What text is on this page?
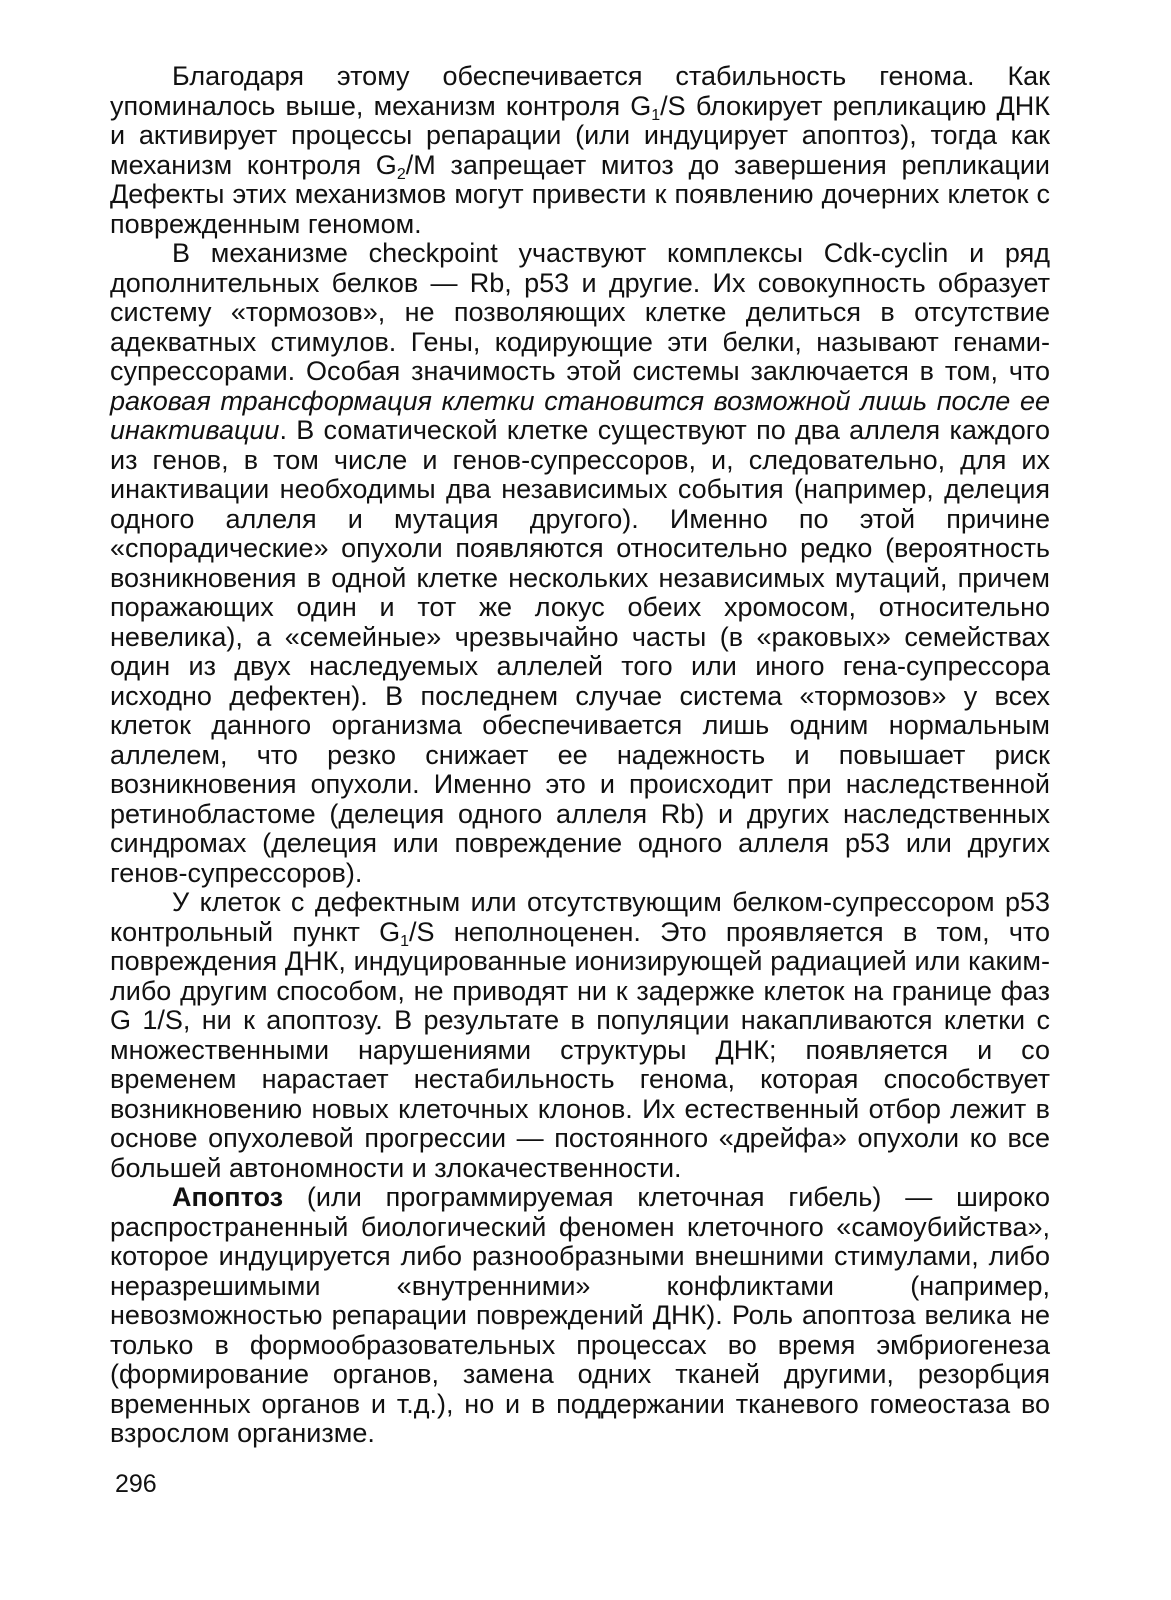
Благодаря этому обеспечивается стабильность генома. Как упоминалось выше, механизм контроля $G_1/S$ блокирует репликацию ДНК и активирует процессы репарации (или индуцирует апоптоз), тогда как механизм контроля $G_2/M$ запрещает митоз до завершения репликации Дефекты этих механизмов могут привести к появлению дочерних клеток с поврежденным геномом.

В механизме checkpoint участвуют комплексы Cdk-cyclin и ряд дополнительных белков — Rb, p53 и другие. Их совокупность образует систему «тормозов», не позволяющих клетке делиться в отсутствие адекватных стимулов. Гены, кодирующие эти белки, называют генами-супрессорами. Особая значимость этой системы заключается в том, что раковая трансформация клетки становится возможной лишь после ее инактивации. В соматической клетке существуют по два аллеля каждого из генов, в том числе и генов-супрессоров, и, следовательно, для их инактивации необходимы два независимых события (например, делеция одного аллеля и мутация другого). Именно по этой причине «спорадические» опухоли появляются относительно редко (вероятность возникновения в одной клетке нескольких независимых мутаций, причем поражающих один и тот же локус обеих хромосом, относительно невелика), а «семейные» чрезвычайно часты (в «раковых» семействах один из двух наследуемых аллелей того или иного гена-супрессора исходно дефектен). В последнем случае система «тормозов» у всех клеток данного организма обеспечивается лишь одним нормальным аллелем, что резко снижает ее надежность и повышает риск возникновения опухоли. Именно это и происходит при наследственной ретинобластоме (делеция одного аллеля Rb) и других наследственных синдромах (делеция или повреждение одного аллеля p53 или других генов-супрессоров).

У клеток с дефектным или отсутствующим белком-супрессором p53 контрольный пункт $G_1/S$ неполноценен. Это проявляется в том, что повреждения ДНК, индуцированные ионизирующей радиацией или каким-либо другим способом, не приводят ни к задержке клеток на границе фаз G 1/S, ни к апоптозу. В результате в популяции накапливаются клетки с множественными нарушениями структуры ДНК; появляется и со временем нарастает нестабильность генома, которая способствует возникновению новых клеточных клонов. Их естественный отбор лежит в основе опухолевой прогрессии — постоянного «дрейфа» опухоли ко все большей автономности и злокачественности.

Апоптоз (или программируемая клеточная гибель) — широко распространенный биологический феномен клеточного «самоубийства», которое индуцируется либо разнообразными внешними стимулами, либо неразрешимыми «внутренними» конфликтами (например, невозможностью репарации повреждений ДНК). Роль апоптоза велика не только в формообразовательных процессах во время эмбриогенеза (формирование органов, замена одних тканей другими, резорбция временных органов и т.д.), но и в поддержании тканевого гомеостаза во взрослом организме.

296
